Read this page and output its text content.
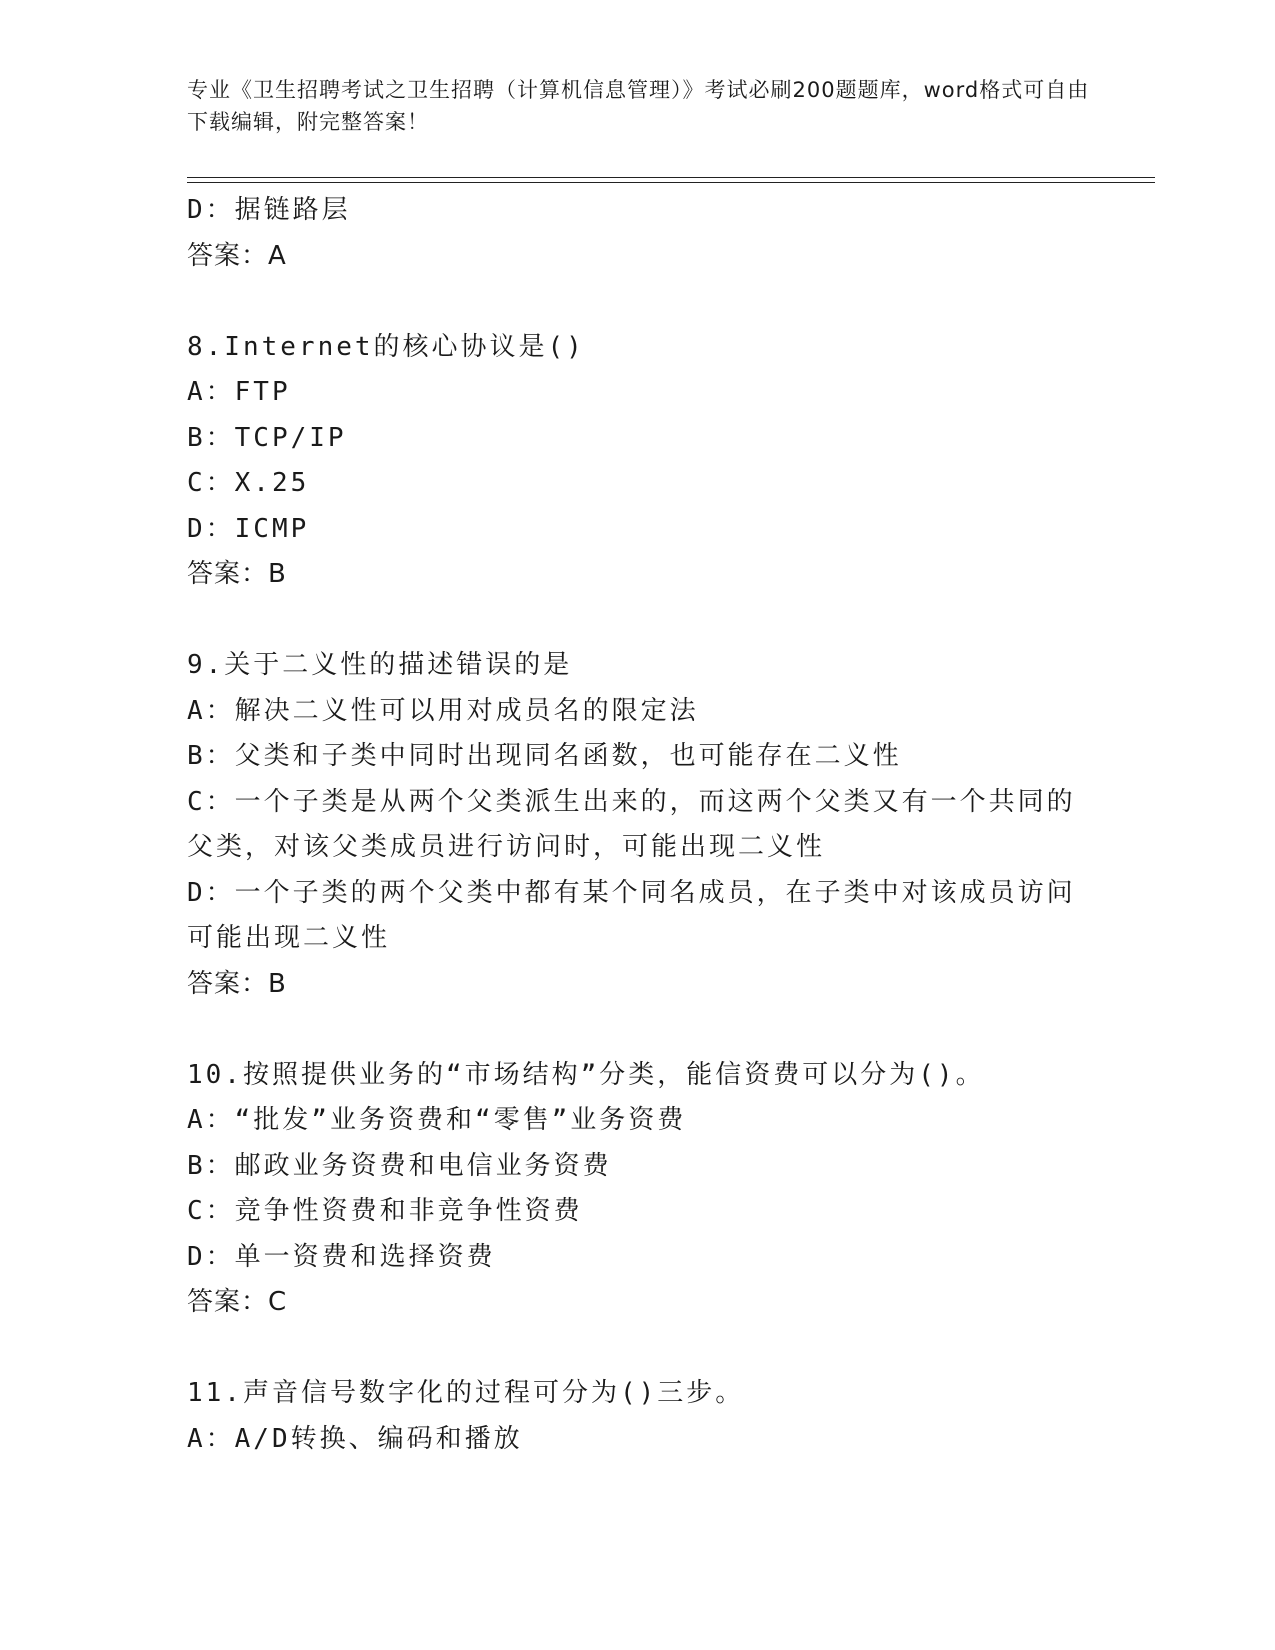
专业《卫生招聘考试之卫生招聘（计算机信息管理）》考试必刷200题题库，word格式可自由下载编辑，附完整答案！
D：据链路层
答案：A
8.Internet的核心协议是()
A：FTP
B：TCP/IP
C：X.25
D：ICMP
答案：B
9.关于二义性的描述错误的是
A：解决二义性可以用对成员名的限定法
B：父类和子类中同时出现同名函数，也可能存在二义性
C：一个子类是从两个父类派生出来的，而这两个父类又有一个共同的父类，对该父类成员进行访问时，可能出现二义性
D：一个子类的两个父类中都有某个同名成员，在子类中对该成员访问可能出现二义性
答案：B
10.按照提供业务的“市场结构”分类，能信资费可以分为()。
A：“批发”业务资费和“零售”业务资费
B：邮政业务资费和电信业务资费
C：竞争性资费和非竞争性资费
D：单一资费和选择资费
答案：C
11.声音信号数字化的过程可分为()三步。
A：A/D转换、编码和播放
